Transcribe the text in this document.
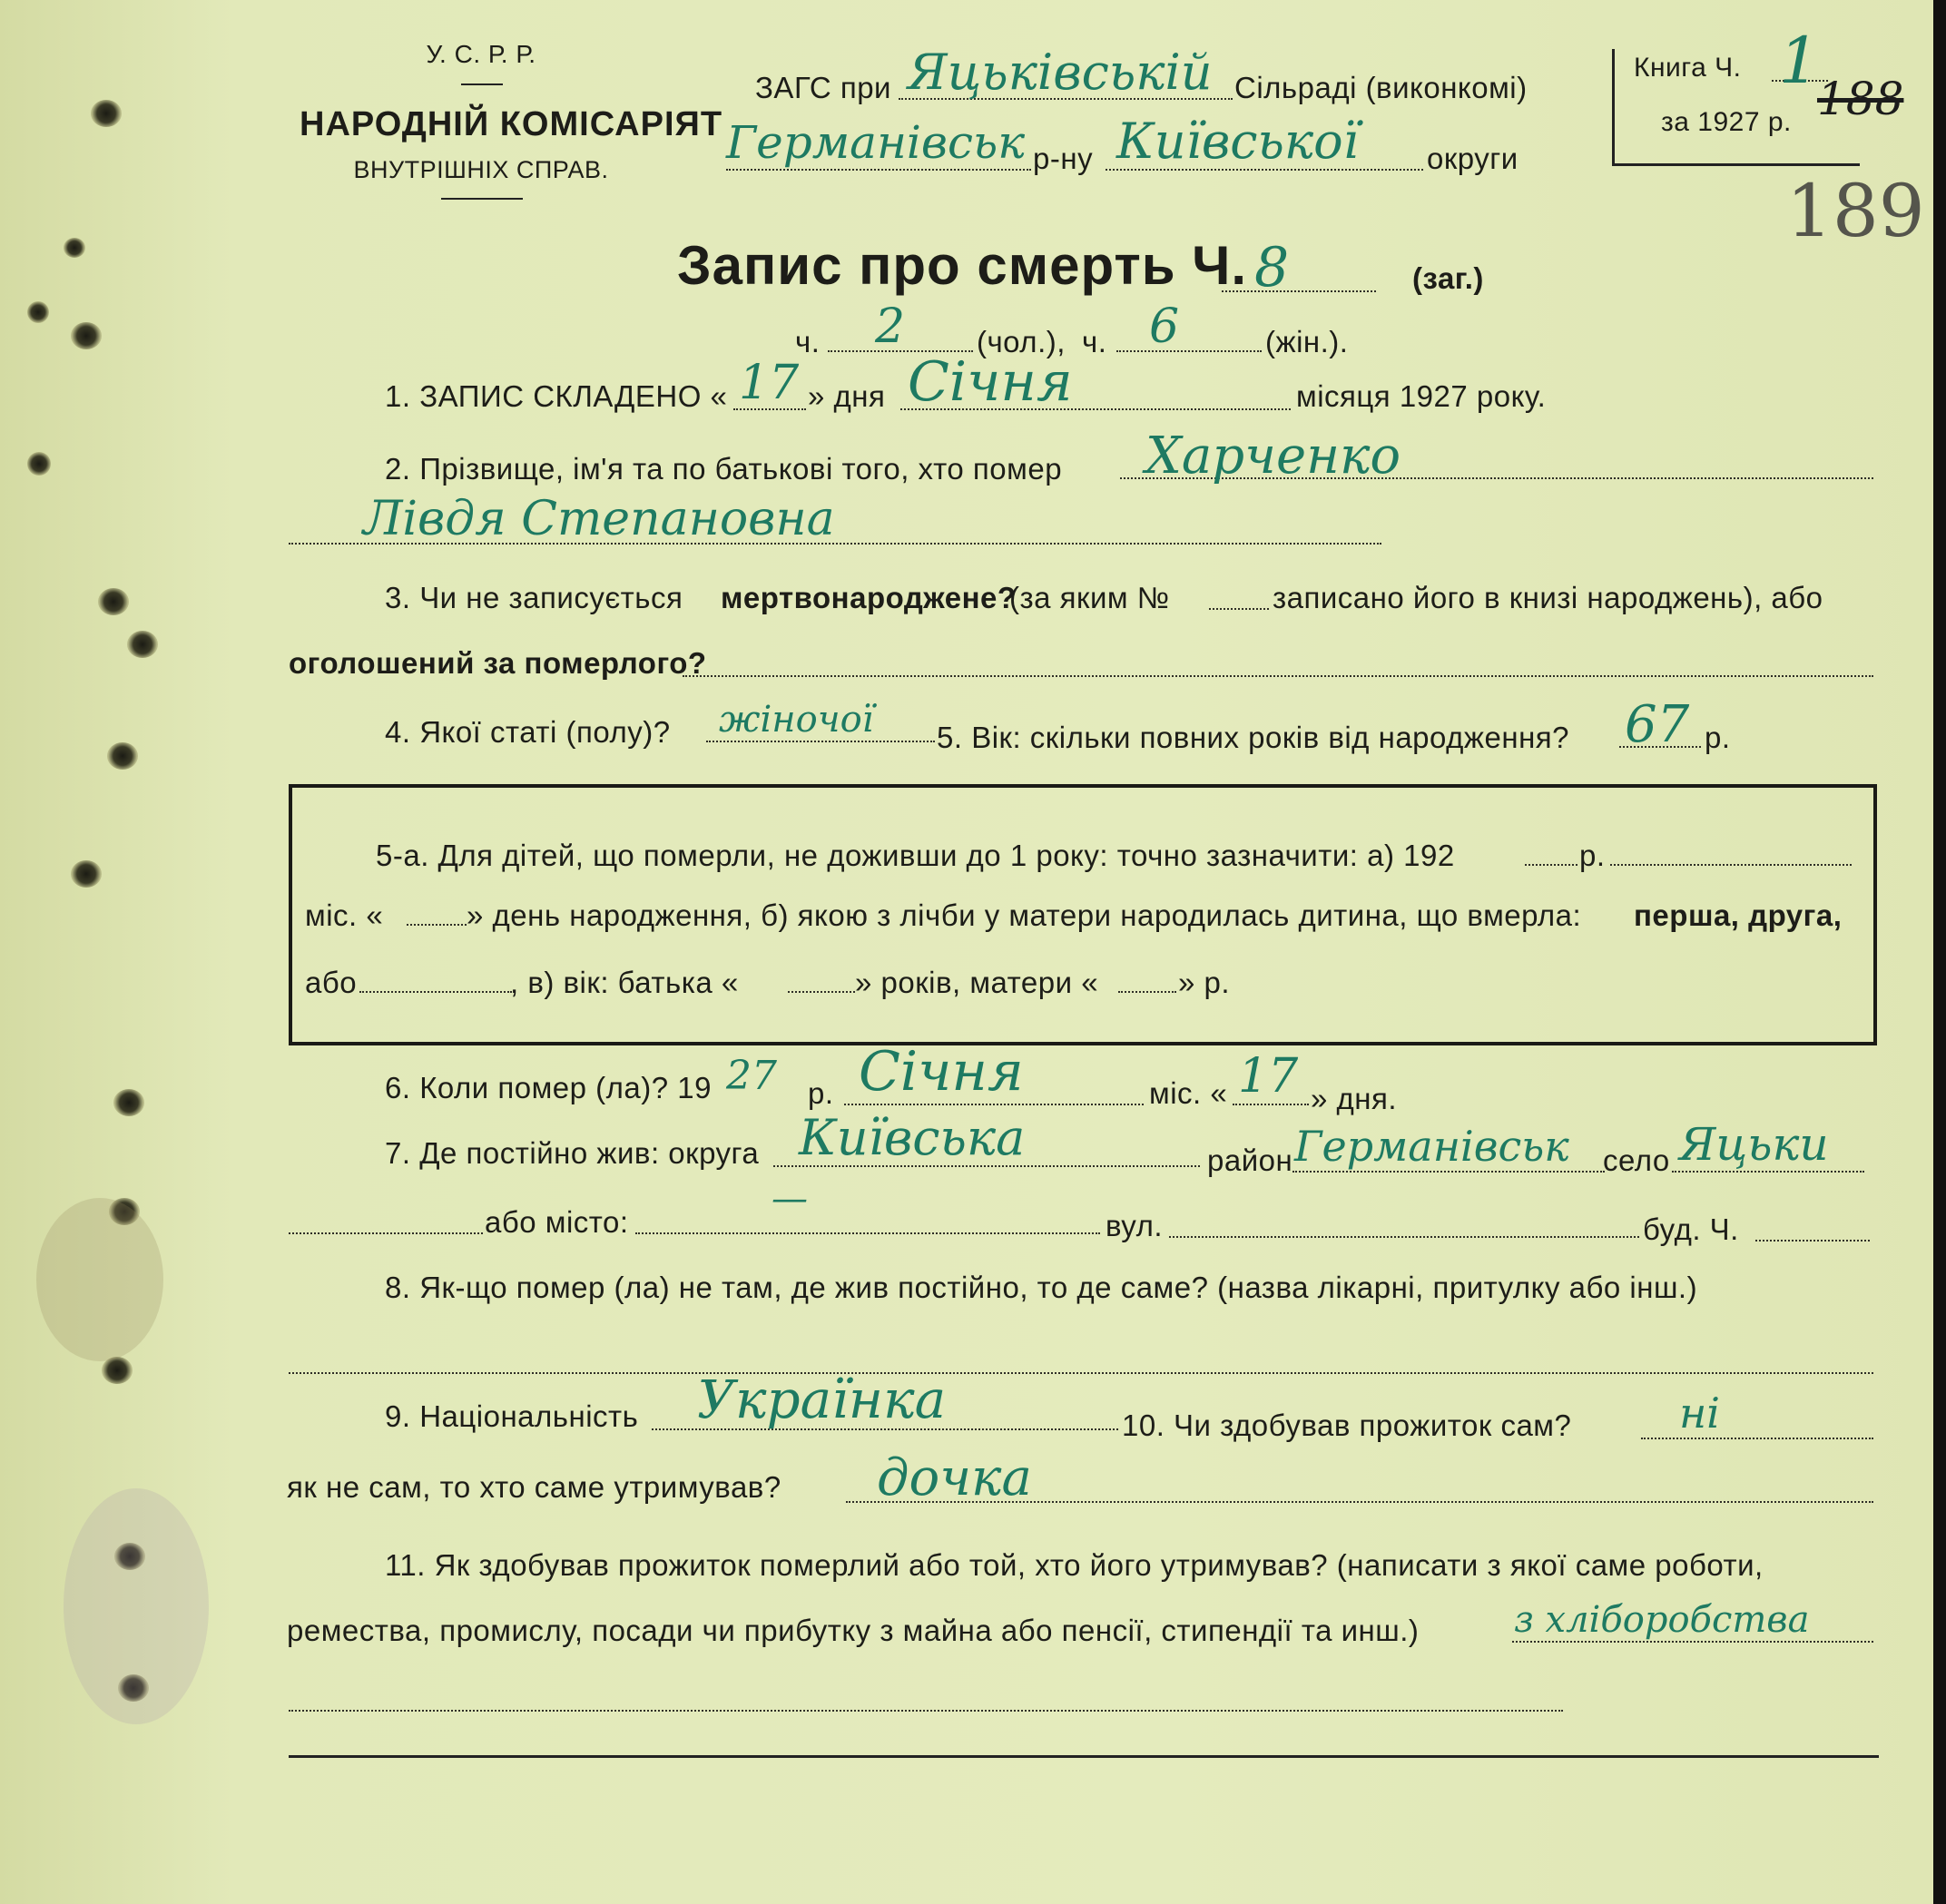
У. С. Р. Р.
НАРОДНІЙ КОМІСАРІЯТ
ВНУТРІШНІХ СПРАВ.
ЗАГС при Яцьківській Сільраді (виконкомі)
Германівськ р-ну Київської округи
Книга Ч. 1
за 1927 р. 188
189
Запис про смерть Ч. 8	(заг.)
ч. 2 (чол.), ч. 6	(жін.).
1. ЗАПИС СКЛАДЕНО « 17 » дня Січня	місяця 1927 року.
2. Прізвище, ім'я та по батькові того, хто помер Харченко
Лівдя Степановна
3. Чи не записується мертвонароджене?
(за яким №	записано його в книзі народжень), або
оголошений за померлого?
4. Якої статі (полу)? жіночої 5. Вік: скільки повних років від народження? 67 р.
5-а. Для дітей, що померли, не доживши до 1 року: точно зазначити: а) 192	р.
міс. «	» день народження, б) якою з лічби у матери народилась дитина, що вмерла: перша, друга,
або	, в) вік: батька «	» років, матери «	» р.
6. Коли помер (ла)? 19 27 р. Січня	міс. « 17 » дня.
7. Де постійно жив: округа Київська	район Германівськ село Яцьки
або місто:
—
вул.	буд. Ч.
8. Як-що помер (ла) не там, де жив постійно, то де саме? (назва лікарні, притулку або інш.)
9. Національність Українка	10. Чи здобував прожиток сам?	ні
як не сам, то хто саме утримував? дочка
11. Як здобував прожиток померлий або той, хто його утримував? (написати з якої саме роботи,
ремества, промислу, посади чи прибутку з майна або пенсії, стипендії та инш.)	з хліборобства
